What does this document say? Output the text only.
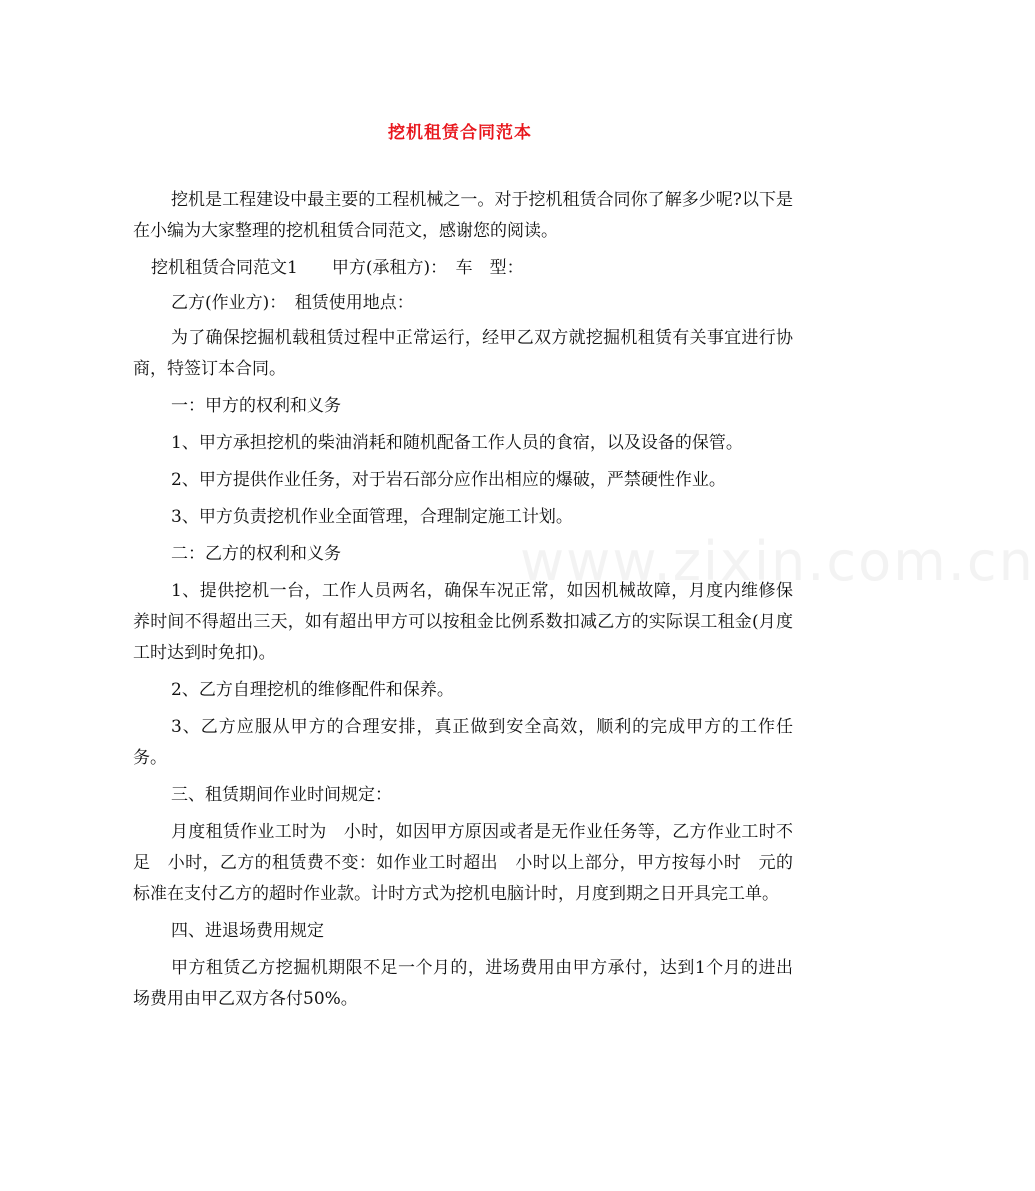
挖机租赁合同范本
www.zixin.com.cn

挖机是工程建设中最主要的工程机械之一。对于挖机租赁合同你了解多少呢?以下是在小编为大家整理的挖机租赁合同范文，感谢您的阅读。

挖机租赁合同范文1　　甲方(承租方)：　车　型：

乙方(作业方)：　租赁使用地点：

为了确保挖掘机载租赁过程中正常运行，经甲乙双方就挖掘机租赁有关事宜进行协商，特签订本合同。

一：甲方的权利和义务

1、甲方承担挖机的柴油消耗和随机配备工作人员的食宿，以及设备的保管。

2、甲方提供作业任务，对于岩石部分应作出相应的爆破，严禁硬性作业。

3、甲方负责挖机作业全面管理，合理制定施工计划。

二：乙方的权利和义务

1、提供挖机一台，工作人员两名，确保车况正常，如因机械故障，月度内维修保养时间不得超出三天，如有超出甲方可以按租金比例系数扣减乙方的实际误工租金(月度工时达到时免扣)。

2、乙方自理挖机的维修配件和保养。

3、乙方应服从甲方的合理安排，真正做到安全高效，顺利的完成甲方的工作任务。

三、租赁期间作业时间规定：

月度租赁作业工时为　小时，如因甲方原因或者是无作业任务等，乙方作业工时不足　小时，乙方的租赁费不变：如作业工时超出　小时以上部分，甲方按每小时　元的标准在支付乙方的超时作业款。计时方式为挖机电脑计时，月度到期之日开具完工单。

四、进退场费用规定

甲方租赁乙方挖掘机期限不足一个月的，进场费用由甲方承付，达到1个月的进出场费用由甲乙双方各付50%。
